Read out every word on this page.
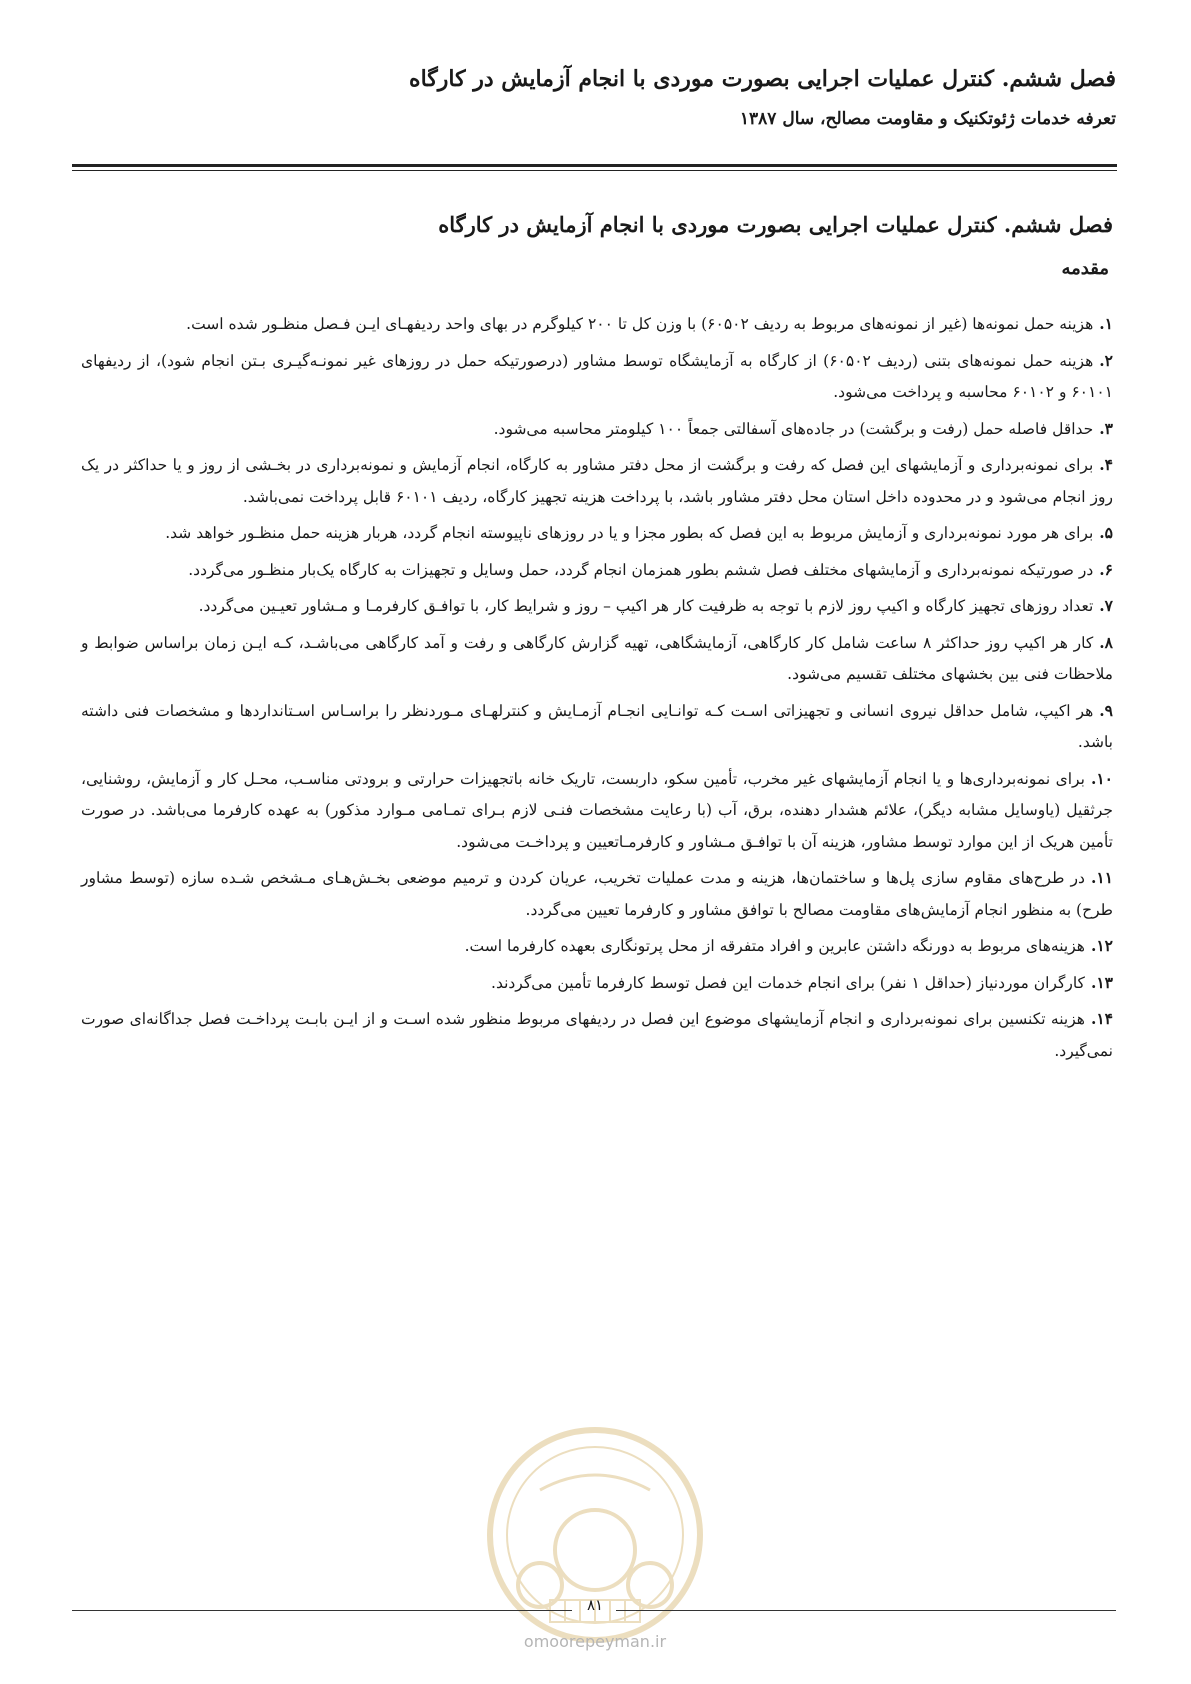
فصل ششم. کنترل عملیات اجرایی بصورت موردی با انجام آزمایش در کارگاه
تعرفه خدمات ژئوتکنیک و مقاومت مصالح، سال ۱۳۸۷
فصل ششم. کنترل عملیات اجرایی بصورت موردی با انجام آزمایش در کارگاه
مقدمه
۱.هزینه حمل نمونه‌ها (غیر از نمونه‌های مربوط به ردیف ۶۰۵۰۲) با وزن کل تا ۲۰۰ کیلوگرم در بهای واحد ردیفهـای ایـن فـصل منظـور شده است.
۲.هزینه حمل نمونه‌های بتنی (ردیف ۶۰۵۰۲) از کارگاه به آزمایشگاه توسط مشاور (درصورتیکه حمل در روزهای غیر نمونـه‌گیـری بـتن انجام شود)، از ردیفهای ۶۰۱۰۱ و ۶۰۱۰۲ محاسبه و پرداخت می‌شود.
۳.حداقل فاصله حمل (رفت و برگشت) در جاده‌های آسفالتی جمعاً ۱۰۰ کیلومتر محاسبه می‌شود.
۴.برای نمونه‌برداری و آزمایشهای این فصل که رفت و برگشت از محل دفتر مشاور به کارگاه، انجام آزمایش و نمونه‌برداری در بخـشی از روز و یا حداکثر در یک روز انجام می‌شود و در محدوده داخل استان محل دفتر مشاور باشد، با پرداخت هزینه تجهیز کارگاه، ردیف ۶۰۱۰۱ قابل پرداخت نمی‌باشد.
۵.برای هر مورد نمونه‌برداری و آزمایش مربوط به این فصل که بطور مجزا و یا در روزهای ناپیوسته انجام گردد، هربار هزینه حمل منظـور خواهد شد.
۶.در صورتیکه نمونه‌برداری و آزمایشهای مختلف فصل ششم بطور همزمان انجام گردد، حمل وسایل و تجهیزات به کارگاه یک‌بار منظـور می‌گردد.
۷.تعداد روزهای تجهیز کارگاه و اکیپ روز لازم با توجه به ظرفیت کار هر اکیپ – روز و شرایط کار، با توافـق کارفرمـا و مـشاور تعیـین می‌گردد.
۸.کار هر اکیپ روز حداکثر ۸ ساعت شامل کار کارگاهی، آزمایشگاهی، تهیه گزارش کارگاهی و رفت و آمد کارگاهی می‌باشـد، کـه ایـن زمان براساس ضوابط و ملاحظات فنی بین بخشهای مختلف تقسیم می‌شود.
۹.هر اکیپ، شامل حداقل نیروی انسانی و تجهیزاتی اسـت کـه توانـایی انجـام آزمـایش و کنترلهـای مـوردنظر را براسـاس اسـتانداردها و مشخصات فنی داشته باشد.
۱۰.برای نمونه‌برداری‌ها و یا انجام آزمایشهای غیر مخرب، تأمین سکو، داربست، تاریک خانه باتجهیزات حرارتی و برودتی مناسـب، محـل کار و آزمایش، روشنایی، جرثقیل (یاوسایل مشابه دیگر)، علائم هشدار دهنده، برق، آب (با رعایت مشخصات فنـی لازم بـرای تمـامی مـوارد مذکور) به عهده کارفرما می‌باشد. در صورت تأمین هریک از این موارد توسط مشاور، هزینه آن با توافـق مـشاور و کارفرمـاتعیین و پرداخـت می‌شود.
۱۱.در طرح‌های مقاوم سازی پل‌ها و ساختمان‌ها، هزینه و مدت عملیات تخریب، عریان کردن و ترمیم موضعی بخـش‌هـای مـشخص شـده سازه (توسط مشاور طرح) به منظور انجام آزمایش‌های مقاومت مصالح با توافق مشاور و کارفرما تعیین می‌گردد.
۱۲.هزینه‌های مربوط به دورنگه داشتن عابرین و افراد متفرقه از محل پرتونگاری بعهده کارفرما است.
۱۳.کارگران موردنیاز (حداقل ۱ نفر) برای انجام خدمات این فصل توسط کارفرما تأمین می‌گردند.
۱۴.هزینه تکنسین برای نمونه‌برداری و انجام آزمایشهای موضوع این فصل در ردیفهای مربوط منظور شده اسـت و از ایـن بابـت پرداخـت فصل جداگانه‌ای صورت نمی‌گیرد.
۸۱
omoorepeyman.ir
